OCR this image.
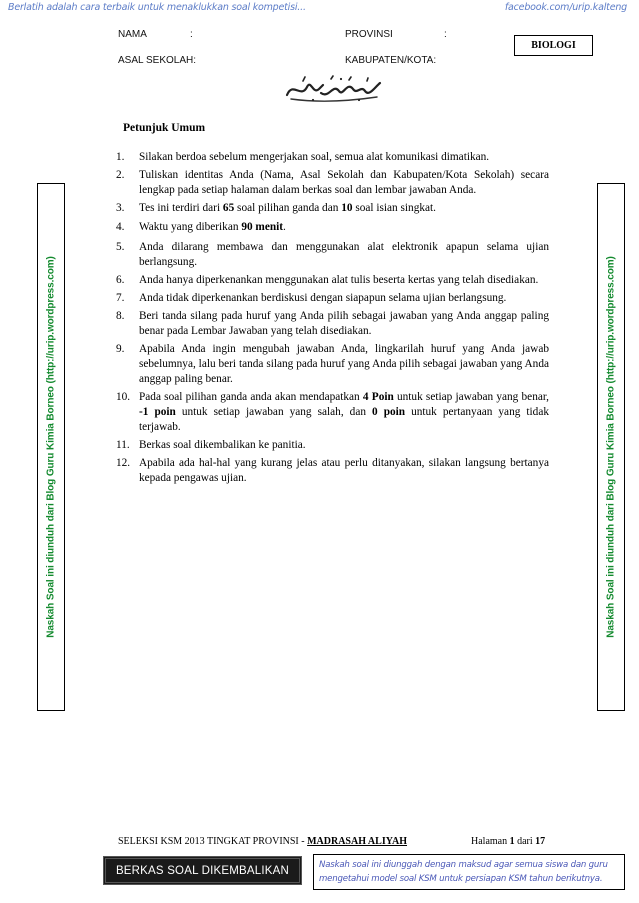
Berlatih adalah cara terbaik untuk menaklukkan soal kompetisi...	facebook.com/urip.kalteng
NAMA	:	PROVINSI	:
ASAL SEKOLAH:	KABUPATEN/KOTA:
BIOLOGI
Naskah Soal ini diunduh dari Blog Guru Kimia Borneo (http://urip.wordpress.com)	Naskah Soal ini diunduh dari Blog Guru Kimia Borneo (http://urip.wordpress.com)
Petunjuk Umum
1.	Silakan berdoa sebelum mengerjakan soal, semua alat komunikasi dimatikan.
2.	Tuliskan identitas Anda (Nama, Asal Sekolah dan Kabupaten/Kota Sekolah) secara lengkap pada setiap halaman dalam berkas soal dan lembar jawaban Anda.
3.	Tes ini terdiri dari 65 soal pilihan ganda dan 10 soal isian singkat.
4.	Waktu yang diberikan 90 menit.
5.	Anda dilarang membawa dan menggunakan alat elektronik apapun selama ujian berlangsung.
6.	Anda hanya diperkenankan menggunakan alat tulis beserta kertas yang telah disediakan.
7.	Anda tidak diperkenankan berdiskusi dengan siapapun selama ujian berlangsung.
8.	Beri tanda silang pada huruf yang Anda pilih sebagai jawaban yang Anda anggap paling benar pada Lembar Jawaban yang telah disediakan.
9.	Apabila Anda ingin mengubah jawaban Anda, lingkarilah huruf yang Anda jawab sebelumnya, lalu beri tanda silang pada huruf yang Anda pilih sebagai jawaban yang Anda anggap paling benar.
10. Pada soal pilihan ganda anda akan mendapatkan 4 Poin untuk setiap jawaban yang benar, -1 poin untuk setiap jawaban yang salah, dan 0 poin untuk pertanyaan yang tidak terjawab.
11. Berkas soal dikembalikan ke panitia.
12. Apabila ada hal-hal yang kurang jelas atau perlu ditanyakan, silakan langsung bertanya kepada pengawas ujian.
SELEKSI KSM 2013 TINGKAT PROVINSI - MADRASAH ALIYAH	Halaman 1 dari 17
BERKAS SOAL DIKEMBALIKAN	Naskah soal ini diunggah dengan maksud agar semua siswa dan guru mengetahui model soal KSM untuk persiapan KSM tahun berikutnya.
